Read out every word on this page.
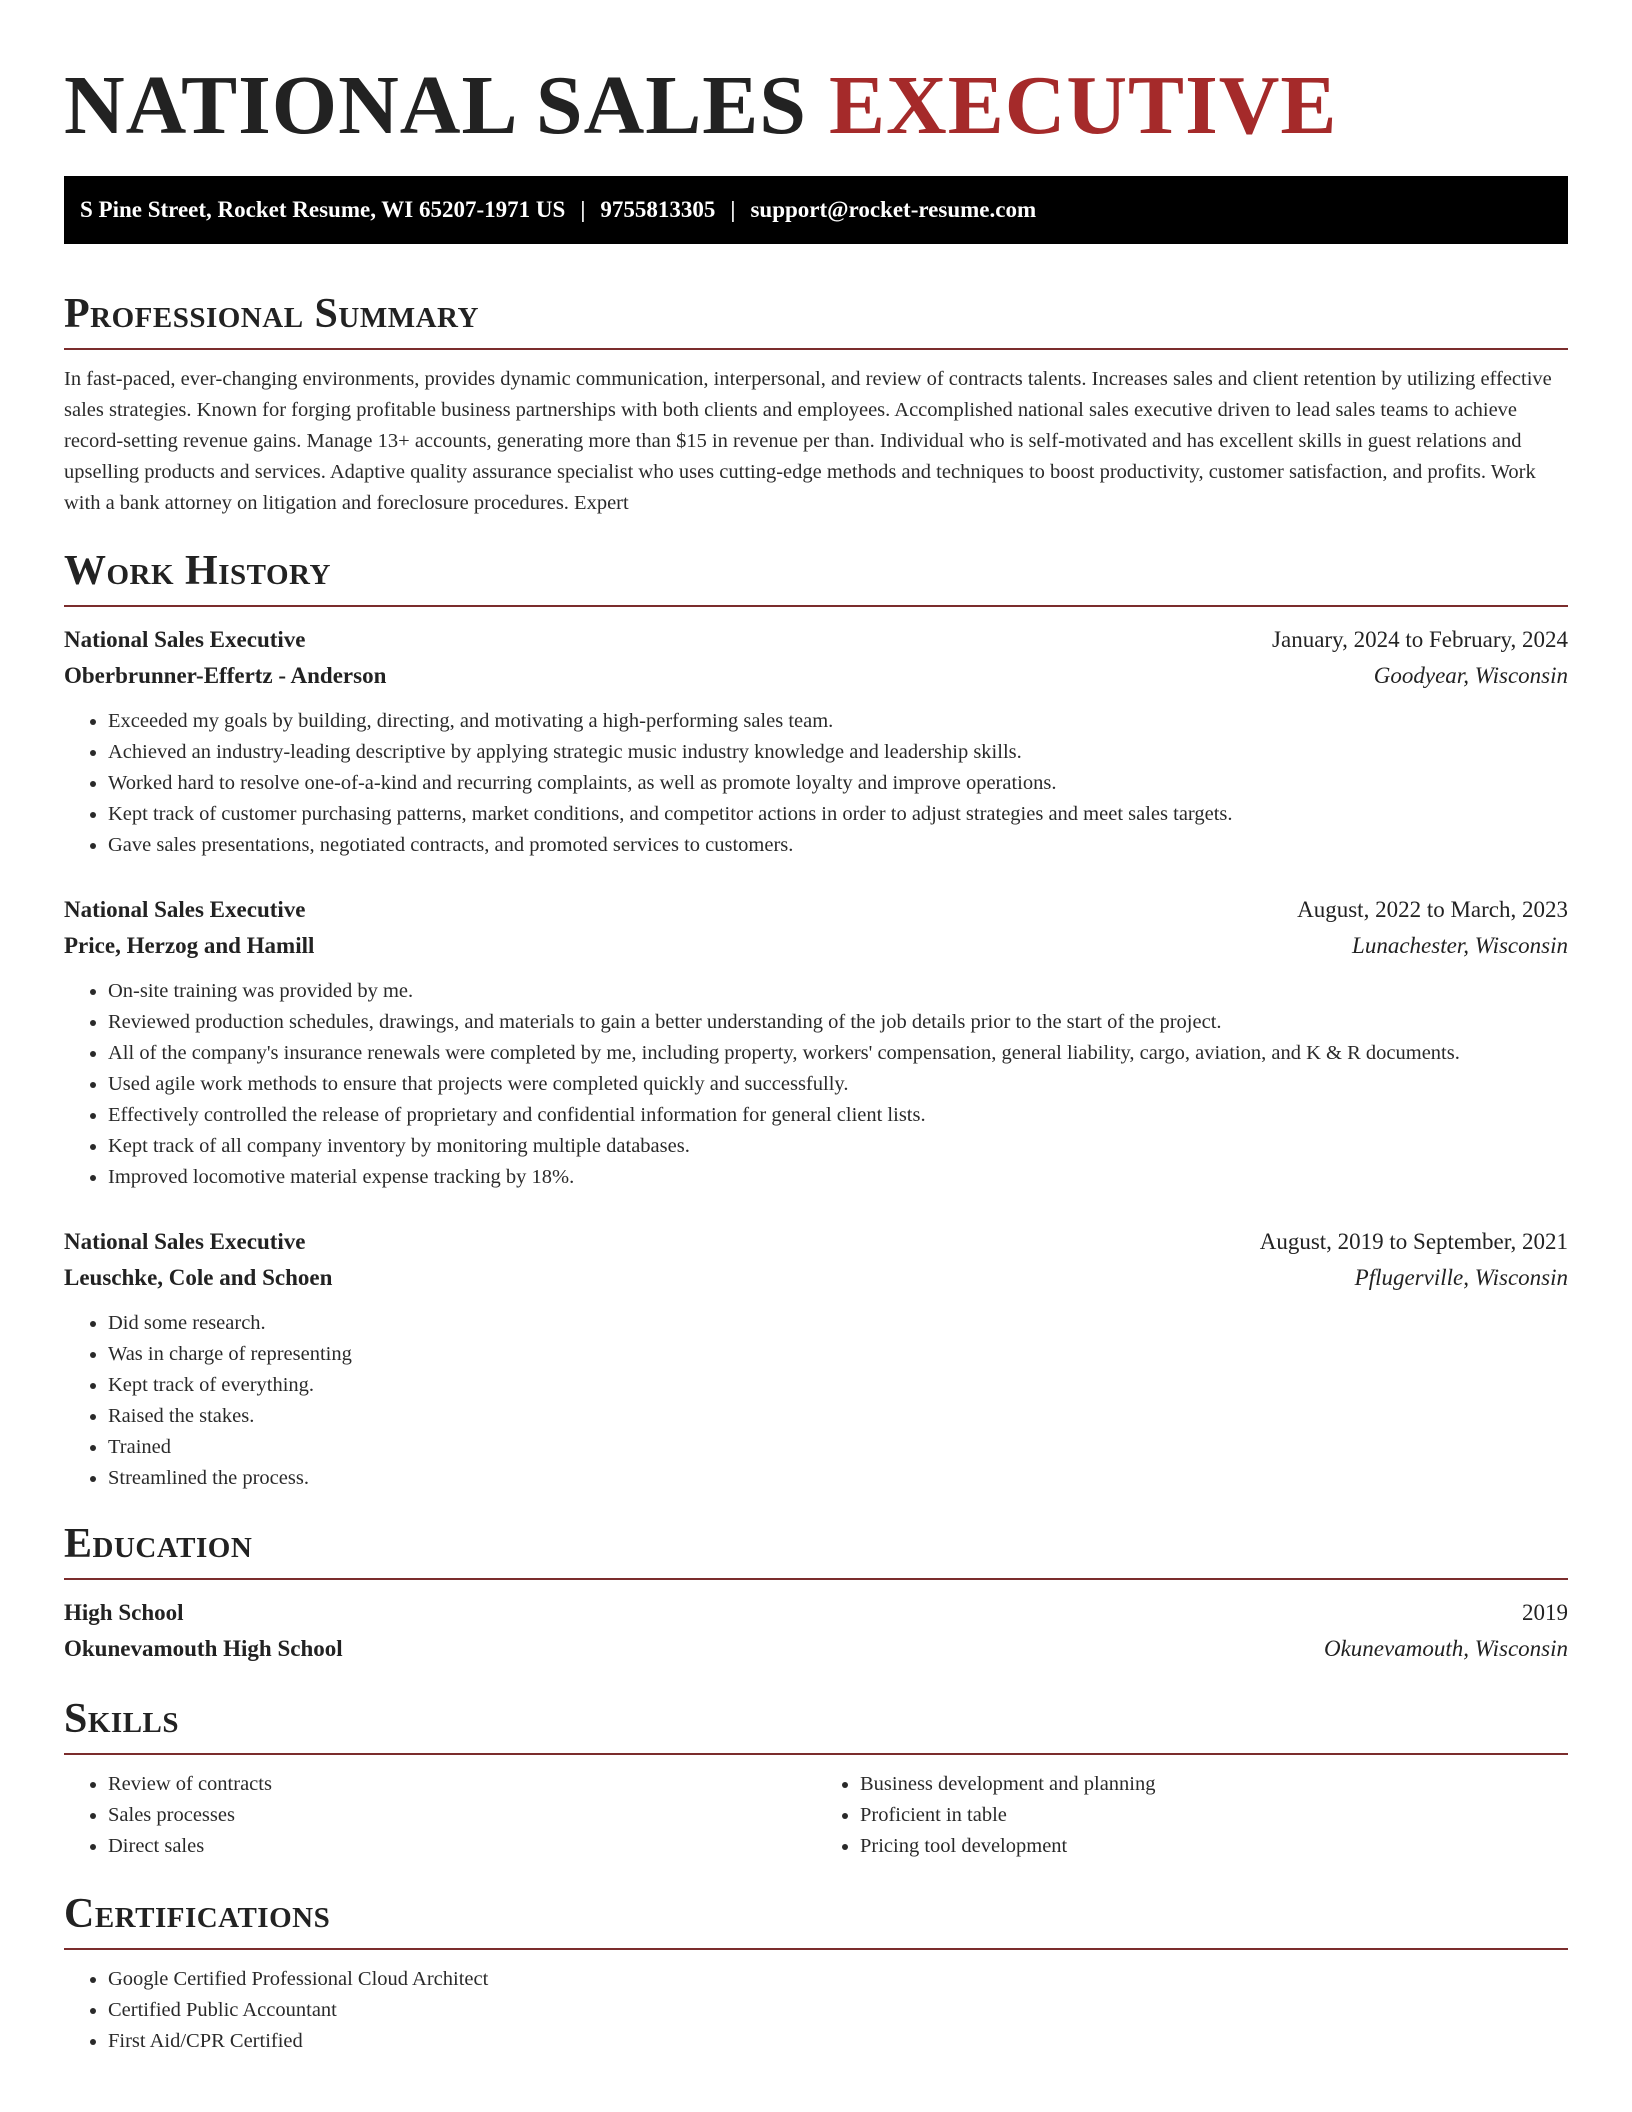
NATIONAL SALES EXECUTIVE
S Pine Street, Rocket Resume, WI 65207-1971 US | 9755813305 | support@rocket-resume.com
Professional Summary

In fast-paced, ever-changing environments, provides dynamic communication, interpersonal, and review of contracts talents. Increases sales and client retention by utilizing effective sales strategies. Known for forging profitable business partnerships with both clients and employees. Accomplished national sales executive driven to lead sales teams to achieve record-setting revenue gains. Manage 13+ accounts, generating more than $15 in revenue per than. Individual who is self-motivated and has excellent skills in guest relations and upselling products and services. Adaptive quality assurance specialist who uses cutting-edge methods and techniques to boost productivity, customer satisfaction, and profits. Work with a bank attorney on litigation and foreclosure procedures. Expert

Work History
National Sales Executive	January, 2024 to February, 2024
Oberbrunner-Effertz - Anderson	Goodyear, Wisconsin
• Exceeded my goals by building, directing, and motivating a high-performing sales team.
• Achieved an industry-leading descriptive by applying strategic music industry knowledge and leadership skills.
• Worked hard to resolve one-of-a-kind and recurring complaints, as well as promote loyalty and improve operations.
• Kept track of customer purchasing patterns, market conditions, and competitor actions in order to adjust strategies and meet sales targets.
• Gave sales presentations, negotiated contracts, and promoted services to customers.
National Sales Executive	August, 2022 to March, 2023
Price, Herzog and Hamill	Lunachester, Wisconsin
• On-site training was provided by me.
• Reviewed production schedules, drawings, and materials to gain a better understanding of the job details prior to the start of the project.
• All of the company's insurance renewals were completed by me, including property, workers' compensation, general liability, cargo, aviation, and K & R documents.
• Used agile work methods to ensure that projects were completed quickly and successfully.
• Effectively controlled the release of proprietary and confidential information for general client lists.
• Kept track of all company inventory by monitoring multiple databases.
• Improved locomotive material expense tracking by 18%.
National Sales Executive	August, 2019 to September, 2021
Leuschke, Cole and Schoen	Pflugerville, Wisconsin
• Did some research.
• Was in charge of representing
• Kept track of everything.
• Raised the stakes.
• Trained
• Streamlined the process.
Education
High School	2019
Okunevamouth High School	Okunevamouth, Wisconsin
Skills
• Review of contracts
• Sales processes
• Direct sales
• Business development and planning
• Proficient in table
• Pricing tool development
Certifications
• Google Certified Professional Cloud Architect
• Certified Public Accountant
• First Aid/CPR Certified
